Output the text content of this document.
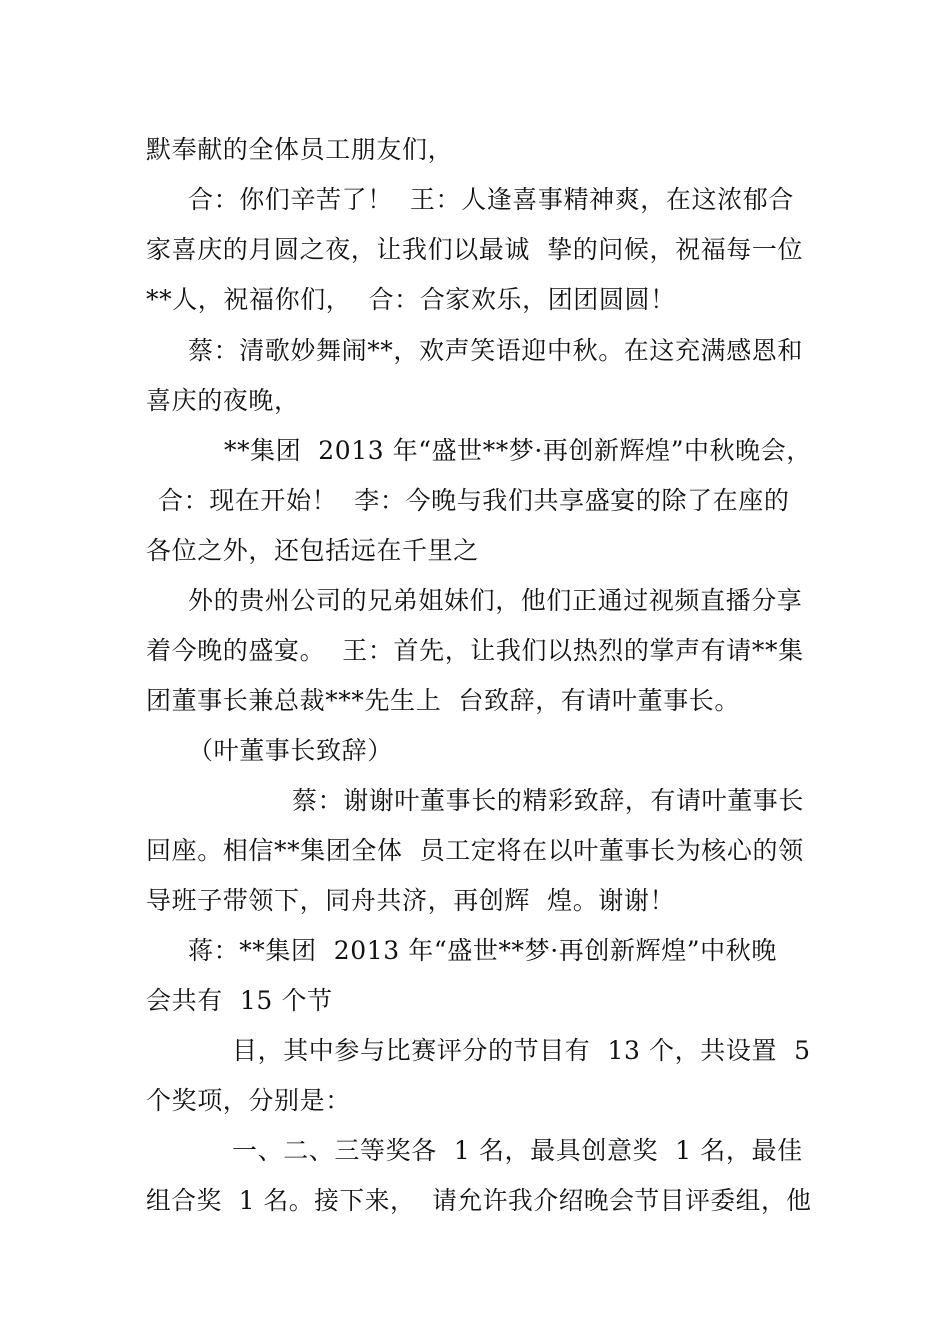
默奉献的全体员工朋友们，
合：你们辛苦了！  王：人逢喜事精神爽，在这浓郁合
家喜庆的月圆之夜，让我们以最诚  挚的问候，祝福每一位
**人，祝福你们，  合：合家欢乐，团团圆圆！
蔡：清歌妙舞闹**，欢声笑语迎中秋。在这充满感恩和
喜庆的夜晚，
**集团  2013 年“盛世**梦·再创新辉煌”中秋晚会，
合：现在开始！  李：今晚与我们共享盛宴的除了在座的
各位之外，还包括远在千里之
外的贵州公司的兄弟姐妹们，他们正通过视频直播分享
着今晚的盛宴。  王：首先，让我们以热烈的掌声有请**集
团董事长兼总裁***先生上  台致辞，有请叶董事长。
（叶董事长致辞）
蔡：谢谢叶董事长的精彩致辞，有请叶董事长
回座。相信**集团全体  员工定将在以叶董事长为核心的领
导班子带领下，同舟共济，再创辉  煌。谢谢！
蒋：**集团  2013 年“盛世**梦·再创新辉煌”中秋晚
会共有  15 个节
目，其中参与比赛评分的节目有  13 个，共设置  5
个奖项，分别是：
一、二、三等奖各  1 名，最具创意奖  1 名，最佳
组合奖  1 名。接下来，  请允许我介绍晚会节目评委组，他
